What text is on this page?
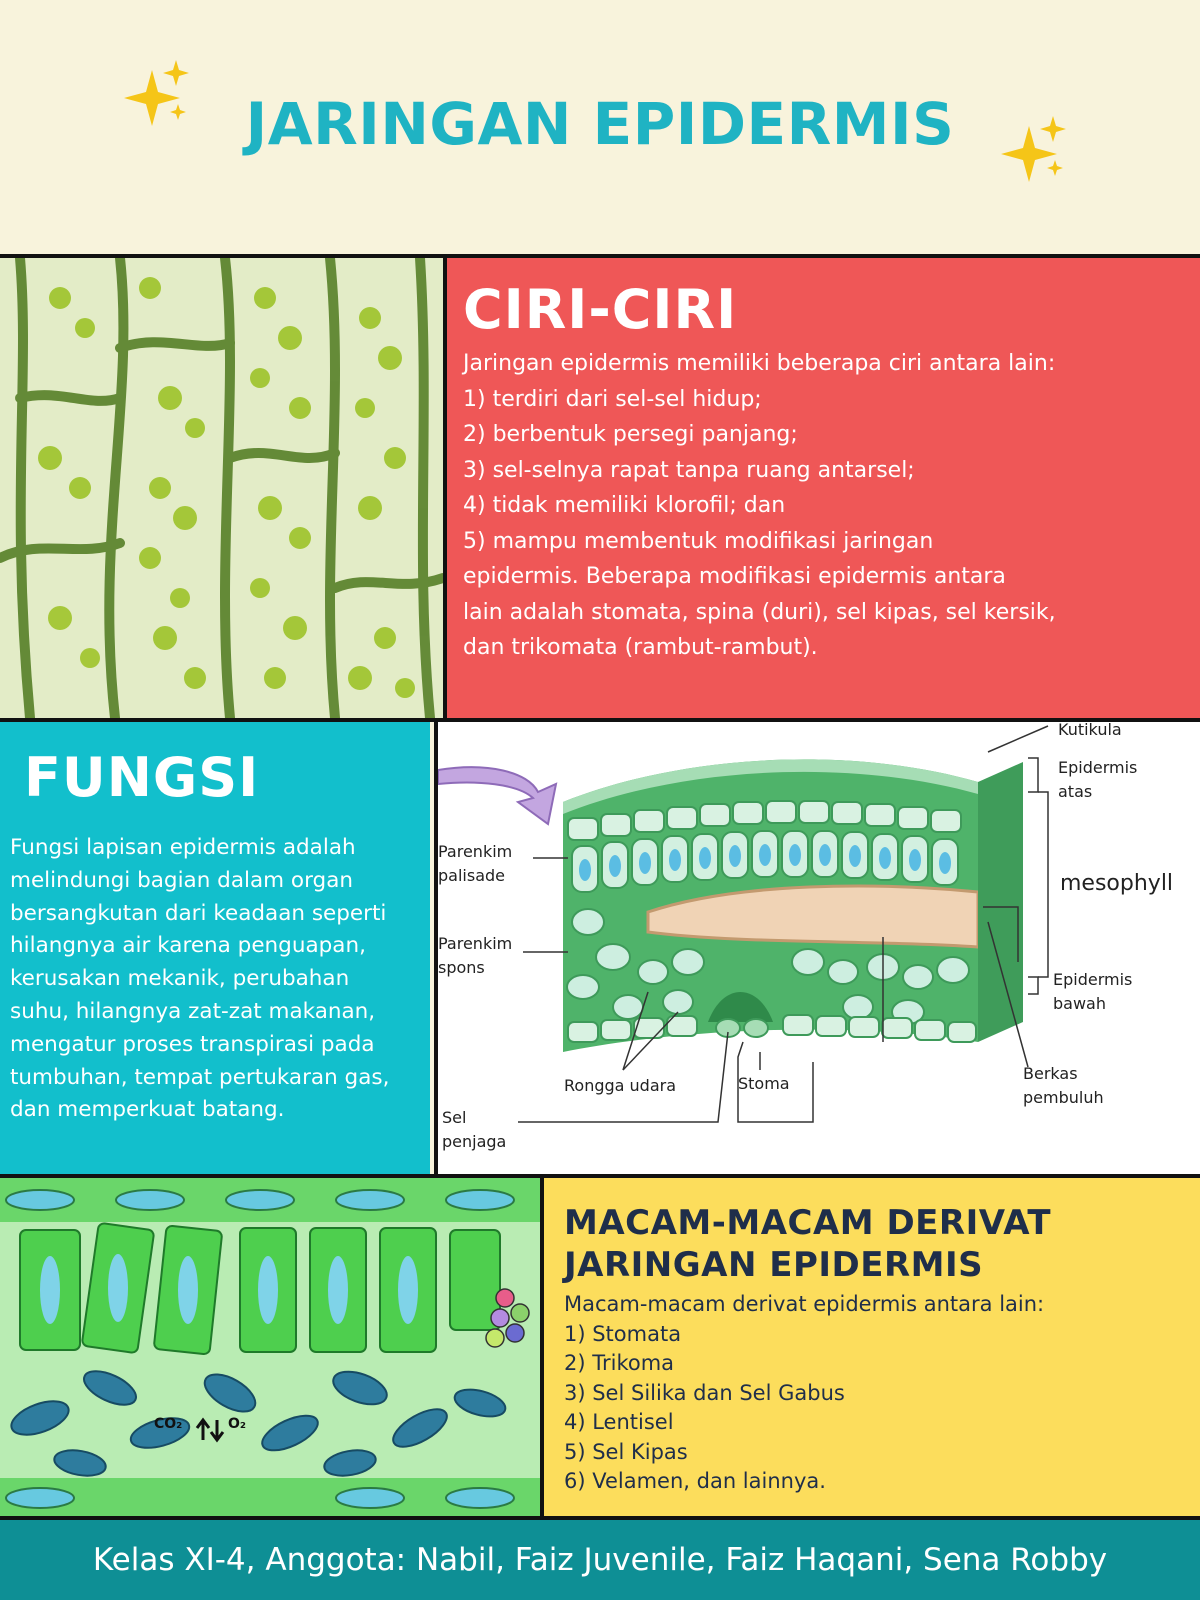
JARINGAN EPIDERMIS
CIRI-CIRI
Jaringan epidermis memiliki beberapa ciri antara lain:
1) terdiri dari sel-sel hidup;
2) berbentuk persegi panjang;
3) sel-selnya rapat tanpa ruang antarsel;
4) tidak memiliki klorofil; dan
5) mampu membentuk modifikasi jaringan
epidermis. Beberapa modifikasi epidermis antara
lain adalah stomata, spina (duri), sel kipas, sel kersik,
dan trikomata (rambut-rambut).
FUNGSI
Fungsi lapisan epidermis adalah
melindungi bagian dalam organ
bersangkutan dari keadaan seperti
hilangnya air karena penguapan,
kerusakan mekanik, perubahan
suhu, hilangnya zat-zat makanan,
mengatur proses transpirasi pada
tumbuhan, tempat pertukaran gas,
dan memperkuat batang.
Kutikula
Epidermis
atas
mesophyll
Parenkim
palisade
Parenkim
spons
Epidermis
bawah
Berkas
pembuluh
Rongga udara	Stoma
Sel
penjaga
CO₂	O₂
MACAM-MACAM DERIVAT
JARINGAN EPIDERMIS
Macam-macam derivat epidermis antara lain:
1) Stomata
2) Trikoma
3) Sel Silika dan Sel Gabus
4) Lentisel
5) Sel Kipas
6) Velamen, dan lainnya.
Kelas XI-4, Anggota: Nabil, Faiz Juvenile, Faiz Haqani, Sena Robby
